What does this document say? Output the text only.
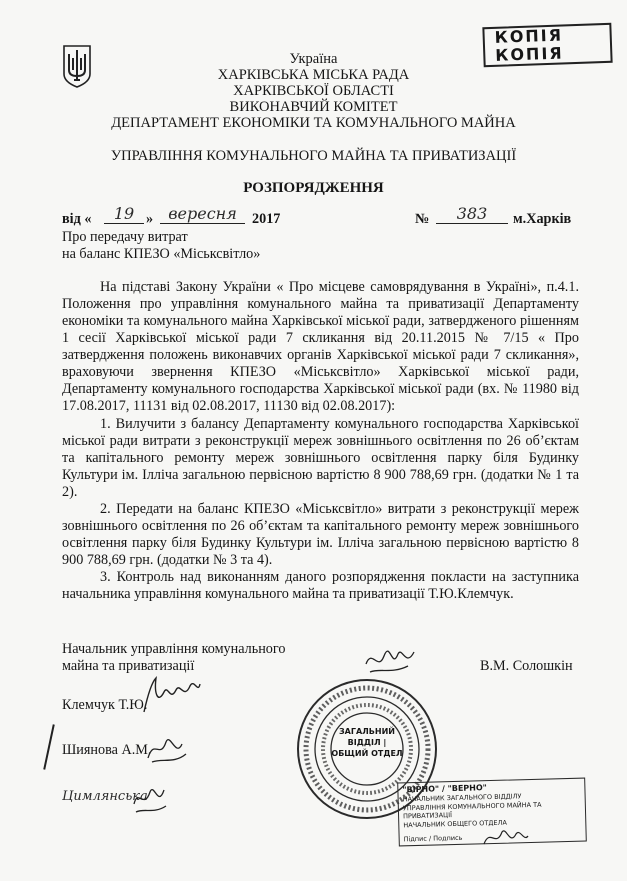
Україна
ХАРКІВСЬКА МІСЬКА РАДА
ХАРКІВСЬКОЇ ОБЛАСТІ
ВИКОНАВЧИЙ КОМІТЕТ
ДЕПАРТАМЕНТ ЕКОНОМІКИ ТА КОМУНАЛЬНОГО МАЙНА
УПРАВЛІННЯ КОМУНАЛЬНОГО МАЙНА ТА ПРИВАТИЗАЦІЇ
РОЗПОРЯДЖЕННЯ
КОПІЯ
КОПІЯ
від «	19 » вересня	2017	№	383	м.Харків
Про передачу витрат
на баланс КПЕЗО «Міськсвітло»
На підставі Закону України « Про місцеве самоврядування в Україні», п.4.1. Положення про управління комунального майна та приватизації Департаменту економіки та комунального майна Харківської міської ради, затвердженого рішенням 1 сесії Харківської міської ради 7 скликання від 20.11.2015 № 7/15 « Про затвердження положень виконавчих органів Харківської міської ради 7 скликання», враховуючи звернення КПЕЗО «Міськсвітло» Харківської міської ради, Департаменту комунального господарства Харківської міської ради (вх. № 11980 від 17.08.2017, 11131 від 02.08.2017, 11130 від 02.08.2017):
1. Вилучити з балансу Департаменту комунального господарства Харківської міської ради витрати з реконструкції мереж зовнішнього освітлення по 26 об’єктам та капітального ремонту мереж зовнішнього освітлення парку біля Будинку Культури ім. Ілліча загальною первісною вартістю 8 900 788,69 грн. (додатки № 1 та 2).
2. Передати на баланс КПЕЗО «Міськсвітло» витрати з реконструкції мереж зовнішнього освітлення по 26 об’єктам та капітального ремонту мереж зовнішнього освітлення парку біля Будинку Культури ім. Ілліча загальною первісною вартістю 8 900 788,69 грн. (додатки № 3 та 4).
3. Контроль над виконанням даного розпорядження покласти на заступника начальника управління комунального майна та приватизації Т.Ю.Клемчук.
Начальник управління комунального
майна та приватизації	В.М. Солошкін
Клемчук Т.Ю.
Шиянова А.М.
Цимлянська
ЗАГАЛЬНИЙ
ВІДДІЛ |
ОБЩИЙ ОТДЕЛ
"ВІРНО" / "ВЕРНО"
НАЧАЛЬНИК ЗАГАЛЬНОГО ВІДДІЛУ
УПРАВЛІННЯ КОМУНАЛЬНОГО МАЙНА ТА ПРИВАТИЗАЦІЇ
НАЧАЛЬНИК ОБЩЕГО ОТДЕЛА
Підпис / Подпись
